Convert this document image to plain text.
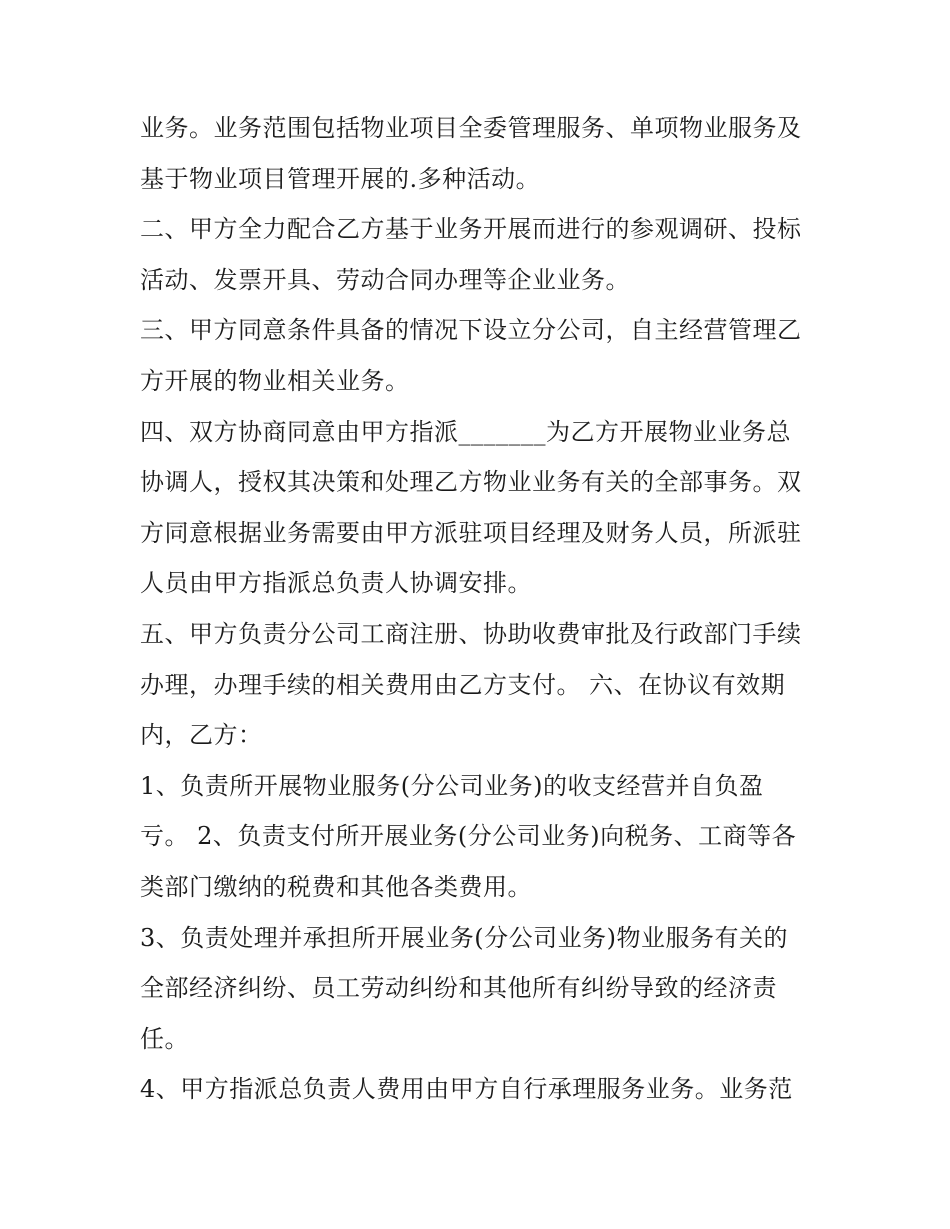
业务。业务范围包括物业项目全委管理服务、单项物业服务及
基于物业项目管理开展的.多种活动。
二、甲方全力配合乙方基于业务开展而进行的参观调研、投标
活动、发票开具、劳动合同办理等企业业务。
三、甲方同意条件具备的情况下设立分公司，自主经营管理乙
方开展的物业相关业务。
四、双方协商同意由甲方指派_______为乙方开展物业业务总
协调人，授权其决策和处理乙方物业业务有关的全部事务。双
方同意根据业务需要由甲方派驻项目经理及财务人员，所派驻
人员由甲方指派总负责人协调安排。
五、甲方负责分公司工商注册、协助收费审批及行政部门手续
办理，办理手续的相关费用由乙方支付。 六、在协议有效期
内，乙方：
1、负责所开展物业服务(分公司业务)的收支经营并自负盈
亏。 2、负责支付所开展业务(分公司业务)向税务、工商等各
类部门缴纳的税费和其他各类费用。
3、负责处理并承担所开展业务(分公司业务)物业服务有关的
全部经济纠纷、员工劳动纠纷和其他所有纠纷导致的经济责
任。
4、甲方指派总负责人费用由甲方自行承理服务业务。业务范
